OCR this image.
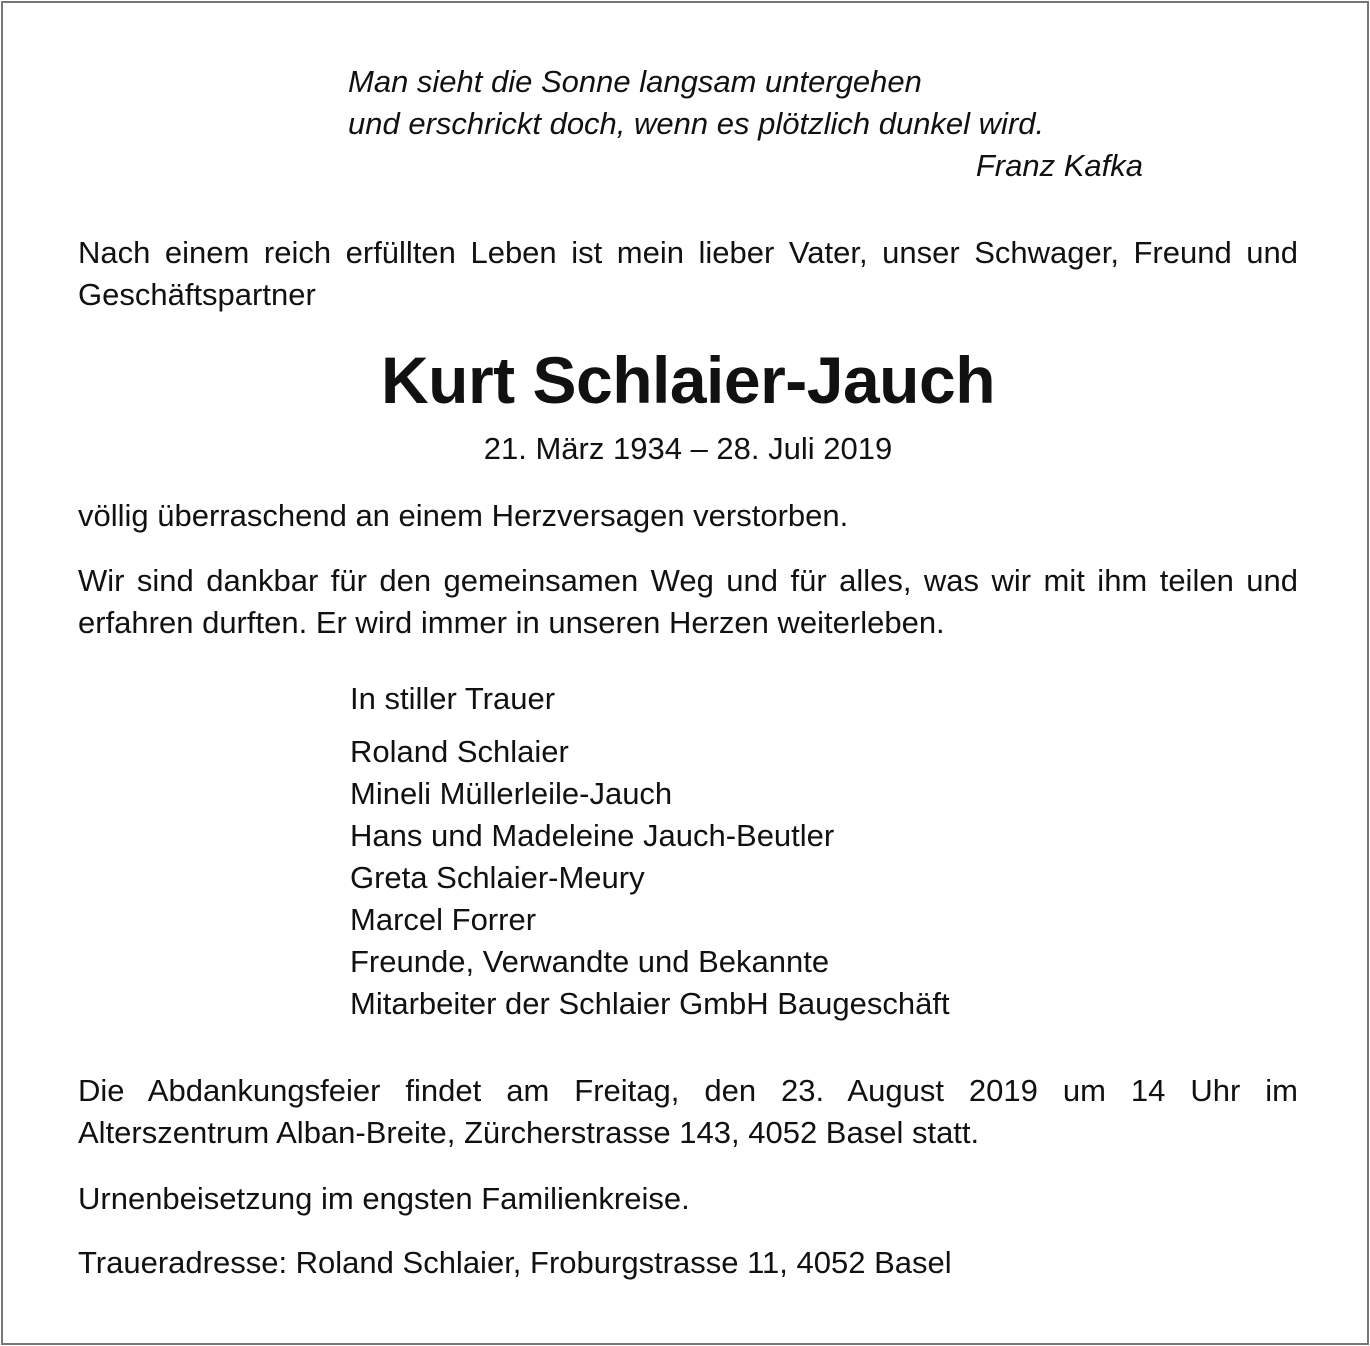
Man sieht die Sonne langsam untergehen
und erschrickt doch, wenn es plötzlich dunkel wird.
Franz Kafka
Nach einem reich erfüllten Leben ist mein lieber Vater, unser Schwager, Freund und Geschäftspartner
Kurt Schlaier-Jauch
21. März 1934 – 28. Juli 2019
völlig überraschend an einem Herzversagen verstorben.
Wir sind dankbar für den gemeinsamen Weg und für alles, was wir mit ihm teilen und erfahren durften. Er wird immer in unseren Herzen weiterleben.
In stiller Trauer
Roland Schlaier
Mineli Müllerleile-Jauch
Hans und Madeleine Jauch-Beutler
Greta Schlaier-Meury
Marcel Forrer
Freunde, Verwandte und Bekannte
Mitarbeiter der Schlaier GmbH Baugeschäft
Die Abdankungsfeier findet am Freitag, den 23. August 2019 um 14 Uhr im Alterszentrum Alban-Breite, Zürcherstrasse 143, 4052 Basel statt.
Urnenbeisetzung im engsten Familienkreise.
Traueradresse: Roland Schlaier, Froburgstrasse 11, 4052 Basel
